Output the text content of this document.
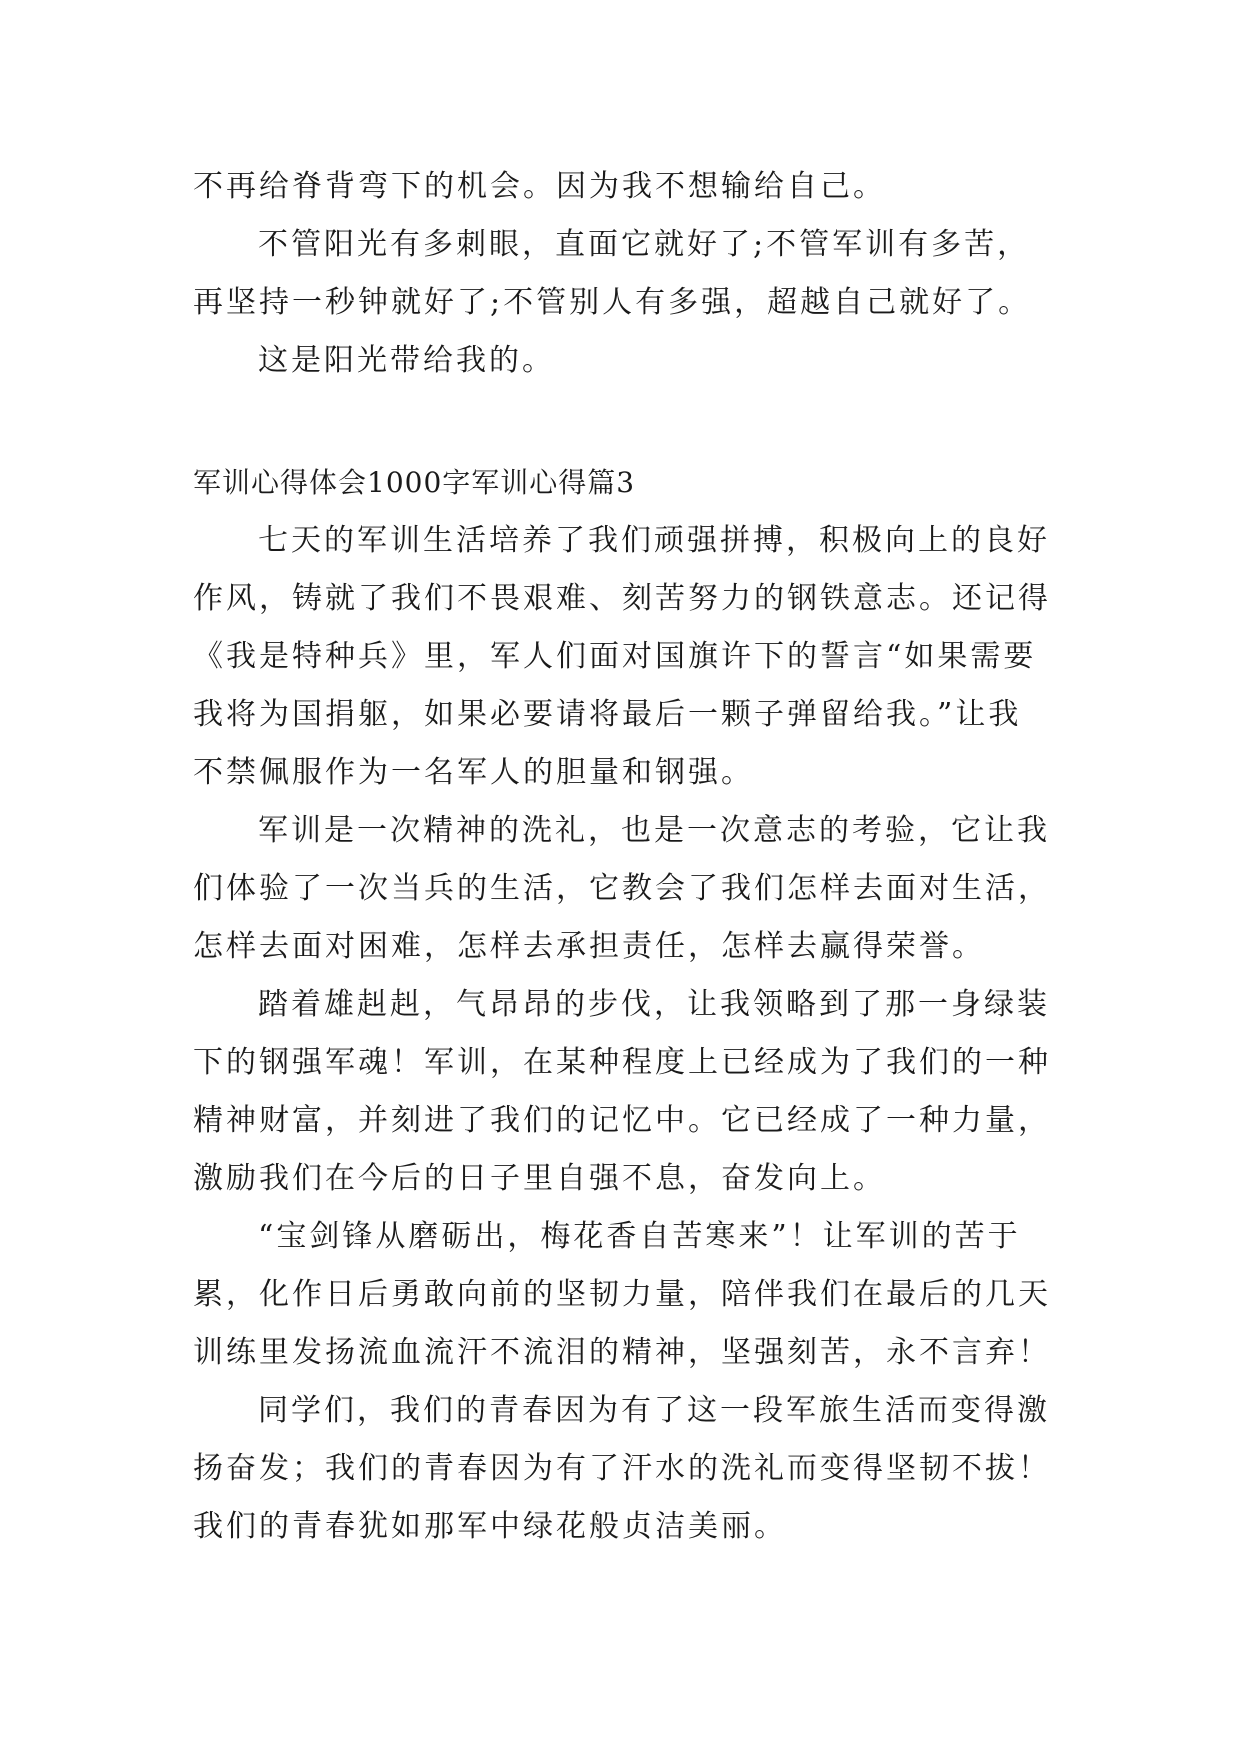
不再给脊背弯下的机会。因为我不想输给自己。
不管阳光有多刺眼，直面它就好了;不管军训有多苦，
再坚持一秒钟就好了;不管别人有多强，超越自己就好了。
这是阳光带给我的。
军训心得体会1000字军训心得篇3
七天的军训生活培养了我们顽强拼搏，积极向上的良好
作风，铸就了我们不畏艰难、刻苦努力的钢铁意志。还记得
《我是特种兵》里，军人们面对国旗许下的誓言“如果需要
我将为国捐躯，如果必要请将最后一颗子弹留给我。”让我
不禁佩服作为一名军人的胆量和钢强。
军训是一次精神的洗礼，也是一次意志的考验，它让我
们体验了一次当兵的生活，它教会了我们怎样去面对生活，
怎样去面对困难，怎样去承担责任，怎样去赢得荣誉。
踏着雄赳赳，气昂昂的步伐，让我领略到了那一身绿装
下的钢强军魂！军训，在某种程度上已经成为了我们的一种
精神财富，并刻进了我们的记忆中。它已经成了一种力量，
激励我们在今后的日子里自强不息，奋发向上。
“宝剑锋从磨砺出，梅花香自苦寒来”！让军训的苦于
累，化作日后勇敢向前的坚韧力量，陪伴我们在最后的几天
训练里发扬流血流汗不流泪的精神，坚强刻苦，永不言弃！
同学们，我们的青春因为有了这一段军旅生活而变得激
扬奋发；我们的青春因为有了汗水的洗礼而变得坚韧不拔！
我们的青春犹如那军中绿花般贞洁美丽。
